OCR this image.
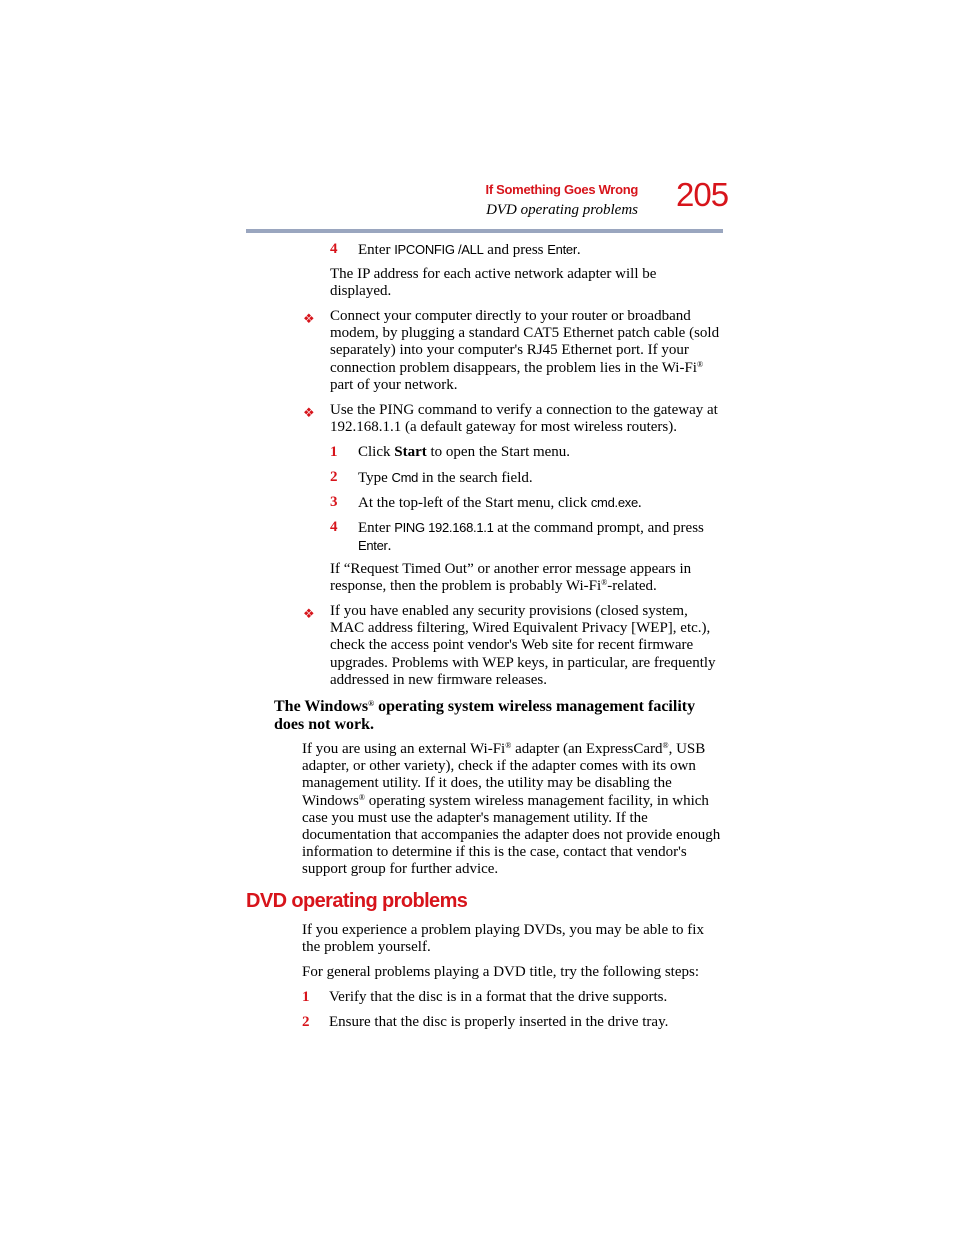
If Something Goes Wrong
DVD operating problems 205
4 Enter IPCONFIG /ALL and press Enter.
The IP address for each active network adapter will be displayed.
❖ Connect your computer directly to your router or broadband modem, by plugging a standard CAT5 Ethernet patch cable (sold separately) into your computer's RJ45 Ethernet port. If your connection problem disappears, the problem lies in the Wi-Fi® part of your network.
❖ Use the PING command to verify a connection to the gateway at 192.168.1.1 (a default gateway for most wireless routers).
1 Click Start to open the Start menu.
2 Type Cmd in the search field.
3 At the top-left of the Start menu, click cmd.exe.
4 Enter PING 192.168.1.1 at the command prompt, and press
Enter.
If “Request Timed Out” or another error message appears in response, then the problem is probably Wi-Fi®-related.
❖ If you have enabled any security provisions (closed system, MAC address filtering, Wired Equivalent Privacy [WEP], etc.), check the access point vendor's Web site for recent firmware upgrades. Problems with WEP keys, in particular, are frequently addressed in new firmware releases.
The Windows® operating system wireless management facility does not work.
If you are using an external Wi-Fi® adapter (an ExpressCard®, USB adapter, or other variety), check if the adapter comes with its own management utility. If it does, the utility may be disabling the Windows® operating system wireless management facility, in which case you must use the adapter's management utility. If the documentation that accompanies the adapter does not provide enough information to determine if this is the case, contact that vendor's support group for further advice.
DVD operating problems
If you experience a problem playing DVDs, you may be able to fix the problem yourself.
For general problems playing a DVD title, try the following steps:
1 Verify that the disc is in a format that the drive supports.
2 Ensure that the disc is properly inserted in the drive tray.
